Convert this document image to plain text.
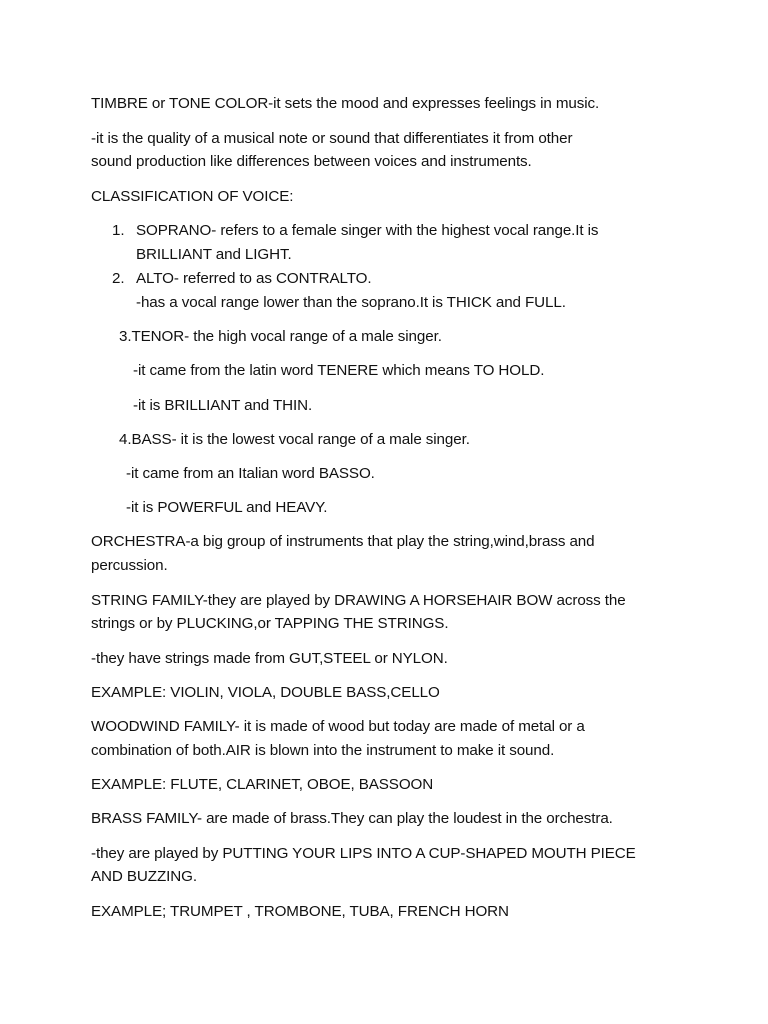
TIMBRE or TONE COLOR-it sets the mood and expresses feelings in music.

-it is the quality of a musical note or sound that differentiates it from other

sound production like differences between voices and instruments.

CLASSIFICATION OF VOICE:

1. SOPRANO- refers to a female singer with the highest vocal range.It is

BRILLIANT and LIGHT.

2. ALTO- referred to as CONTRALTO.

-has a vocal range lower than the soprano.It is THICK and FULL.

3.TENOR- the high vocal range of a male singer.

-it came from the latin word TENERE which means TO HOLD.

-it is BRILLIANT and THIN.

4.BASS- it is the lowest vocal range of a male singer.

-it came from an Italian word BASSO.

-it is POWERFUL and HEAVY.

ORCHESTRA-a big group of instruments that play the string,wind,brass and

percussion.

STRING FAMILY-they are played by DRAWING A HORSEHAIR BOW across the

strings or by PLUCKING,or TAPPING THE STRINGS.

-they have strings made from GUT,STEEL or NYLON.

EXAMPLE: VIOLIN, VIOLA, DOUBLE BASS,CELLO

WOODWIND FAMILY- it is made of wood but today are made of metal or a

combination of both.AIR is blown into the instrument to make it sound.

EXAMPLE: FLUTE, CLARINET, OBOE, BASSOON

BRASS FAMILY- are made of brass.They can play the loudest in the orchestra.

-they are played by PUTTING YOUR LIPS INTO A CUP-SHAPED MOUTH PIECE

AND BUZZING.

EXAMPLE; TRUMPET , TROMBONE, TUBA, FRENCH HORN
